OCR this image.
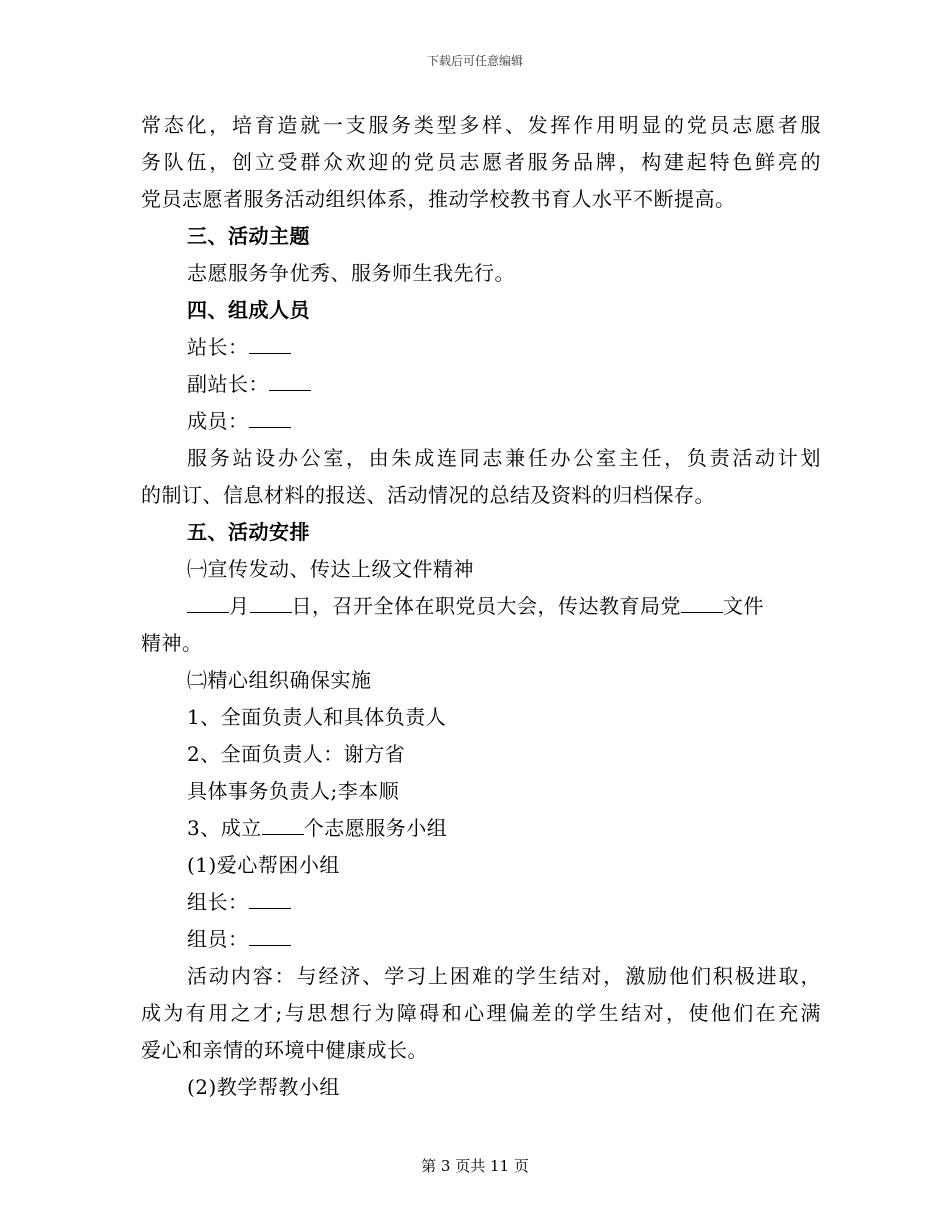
下载后可任意编辑
常态化，培育造就一支服务类型多样、发挥作用明显的党员志愿者服
务队伍，创立受群众欢迎的党员志愿者服务品牌，构建起特色鲜亮的
党员志愿者服务活动组织体系，推动学校教书育人水平不断提高。
三、活动主题
志愿服务争优秀、服务师生我先行。
四、组成人员
站长：
副站长：
成员：
服务站设办公室，由朱成连同志兼任办公室主任，负责活动计划
的制订、信息材料的报送、活动情况的总结及资料的归档保存。
五、活动安排
㈠宣传发动、传达上级文件精神
月 日，召开全体在职党员大会，传达教育局党 文件
精神。
㈡精心组织确保实施
1、全面负责人和具体负责人
2、全面负责人：谢方省
具体事务负责人;李本顺
3、成立 个志愿服务小组
(1)爱心帮困小组
组长：
组员：
活动内容：与经济、学习上困难的学生结对，激励他们积极进取，
成为有用之才;与思想行为障碍和心理偏差的学生结对，使他们在充满
爱心和亲情的环境中健康成长。
(2)教学帮教小组
第 3 页共 11 页
